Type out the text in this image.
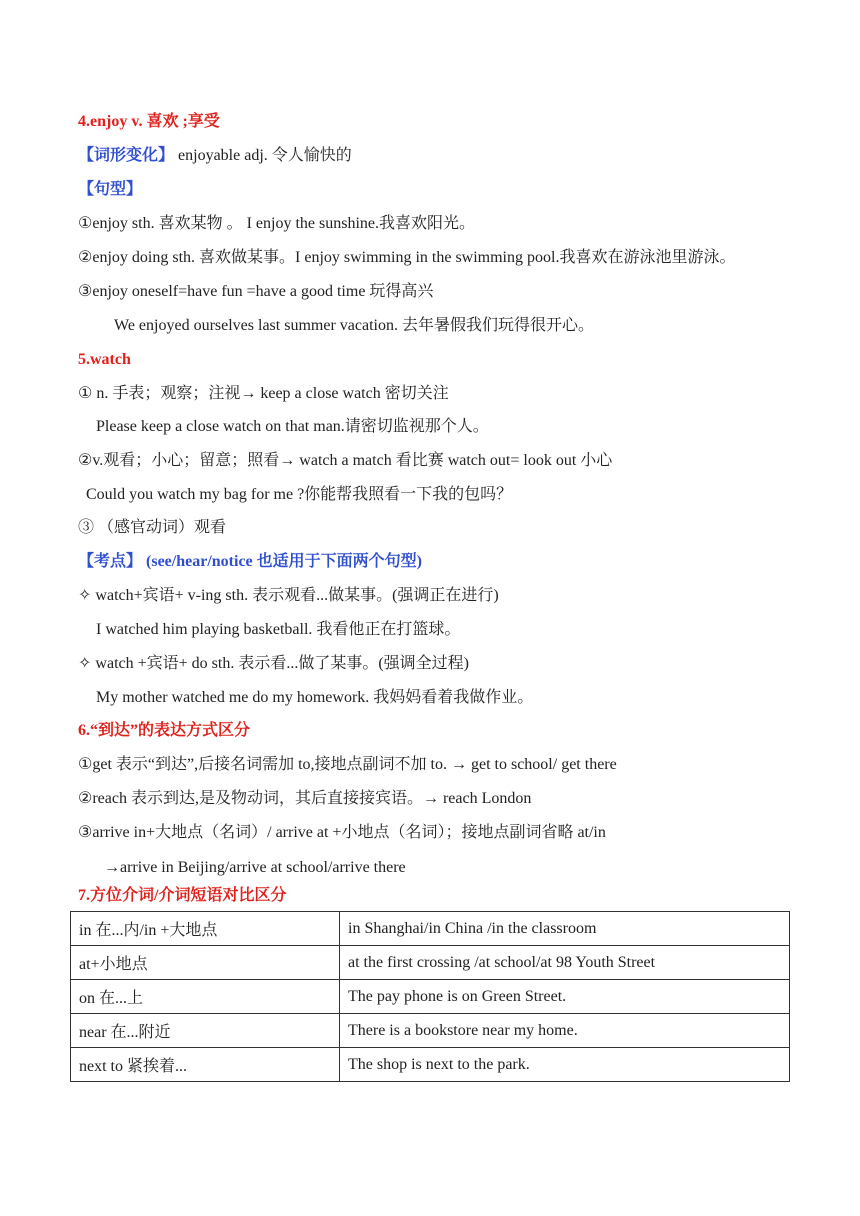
4.enjoy v. 喜欢 ;享受
【词形变化】 enjoyable adj. 令人愉快的
【句型】
①enjoy sth. 喜欢某物 。 I enjoy the sunshine.我喜欢阳光。
②enjoy doing sth. 喜欢做某事。I enjoy swimming in the swimming pool.我喜欢在游泳池里游泳。
③enjoy oneself=have fun =have a good time 玩得高兴
We enjoyed ourselves last summer vacation. 去年暑假我们玩得很开心。
5.watch
① n. 手表；观察；注视→ keep a close watch 密切关注
Please keep a close watch on that man.请密切监视那个人。
②v.观看；小心；留意；照看→ watch a match 看比赛 watch out= look out 小心
Could you watch my bag for me ?你能帮我照看一下我的包吗？
③ （感官动词）观看
【考点】 (see/hear/notice 也适用于下面两个句型)
✧ watch+宾语+ v-ing sth. 表示观看...做某事。(强调正在进行)
I watched him playing basketball. 我看他正在打篮球。
✧ watch +宾语+ do sth. 表示看...做了某事。(强调全过程)
My mother watched me do my homework. 我妈妈看着我做作业。
6.“到达”的表达方式区分
①get 表示“到达”,后接名词需加 to,接地点副词不加 to. → get to school/ get there
②reach 表示到达,是及物动词，其后直接接宾语。→ reach London
③arrive in+大地点（名词）/ arrive at +小地点（名词）；接地点副词省略 at/in
→arrive in Beijing/arrive at school/arrive there
7.方位介词/介词短语对比区分
in 在...内/in +大地点	in Shanghai/in China /in the classroom
at+小地点	at the first crossing /at school/at 98 Youth Street
on 在...上	The pay phone is on Green Street.
near 在...附近	There is a bookstore near my home.
next to 紧挨着...	The shop is next to the park.
